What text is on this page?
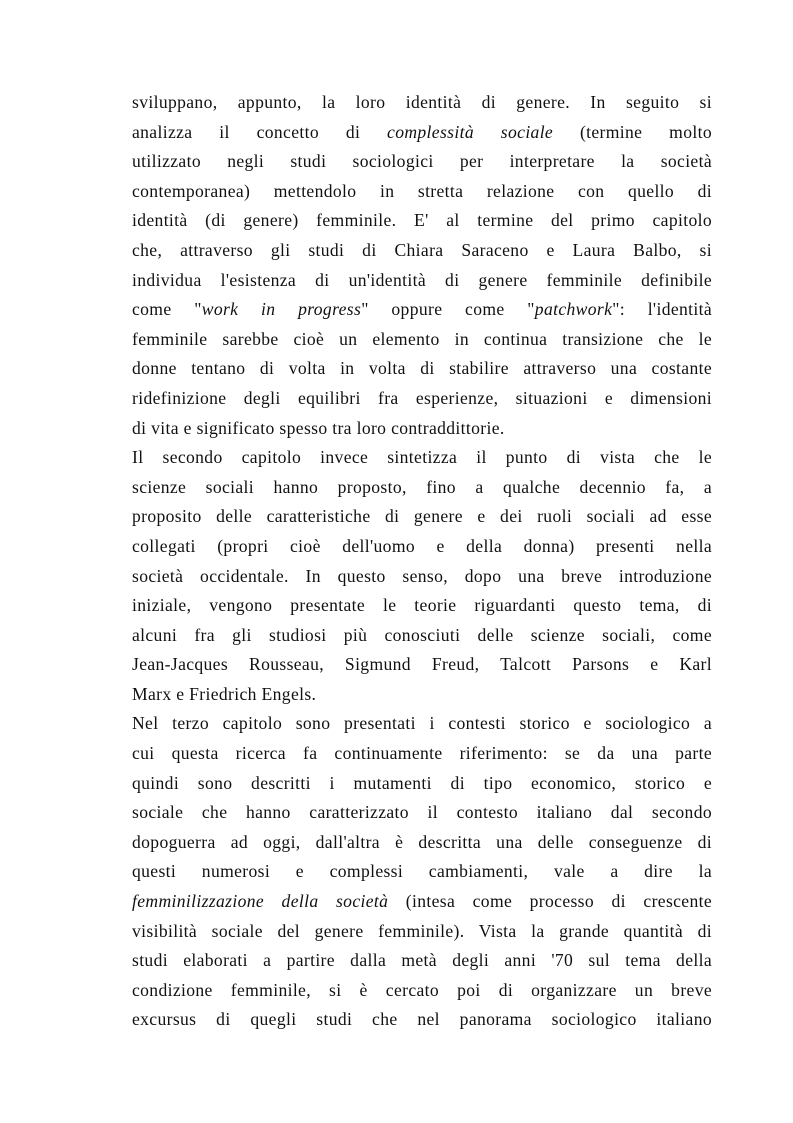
sviluppano, appunto, la loro identità di genere. In seguito si
analizza il concetto di complessità sociale (termine molto
utilizzato negli studi sociologici per interpretare la società
contemporanea) mettendolo in stretta relazione con quello di
identità (di genere) femminile. E' al termine del primo capitolo
che, attraverso gli studi di Chiara Saraceno e Laura Balbo, si
individua l'esistenza di un'identità di genere femminile definibile
come "work in progress" oppure come "patchwork": l'identità
femminile sarebbe cioè un elemento in continua transizione che le
donne tentano di volta in volta di stabilire attraverso una costante
ridefinizione degli equilibri fra esperienze, situazioni e dimensioni
di vita e significato spesso tra loro contraddittorie.
Il secondo capitolo invece sintetizza il punto di vista che le
scienze sociali hanno proposto, fino a qualche decennio fa, a
proposito delle caratteristiche di genere e dei ruoli sociali ad esse
collegati (propri cioè dell'uomo e della donna) presenti nella
società occidentale. In questo senso, dopo una breve introduzione
iniziale, vengono presentate le teorie riguardanti questo tema, di
alcuni fra gli studiosi più conosciuti delle scienze sociali, come
Jean-Jacques Rousseau, Sigmund Freud, Talcott Parsons e Karl
Marx e Friedrich Engels.
Nel terzo capitolo sono presentati i contesti storico e sociologico a
cui questa ricerca fa continuamente riferimento: se da una parte
quindi sono descritti i mutamenti di tipo economico, storico e
sociale che hanno caratterizzato il contesto italiano dal secondo
dopoguerra ad oggi, dall'altra è descritta una delle conseguenze di
questi numerosi e complessi cambiamenti, vale a dire la
femminilizzazione della società (intesa come processo di crescente
visibilità sociale del genere femminile). Vista la grande quantità di
studi elaborati a partire dalla metà degli anni '70 sul tema della
condizione femminile, si è cercato poi di organizzare un breve
excursus di quegli studi che nel panorama sociologico italiano
